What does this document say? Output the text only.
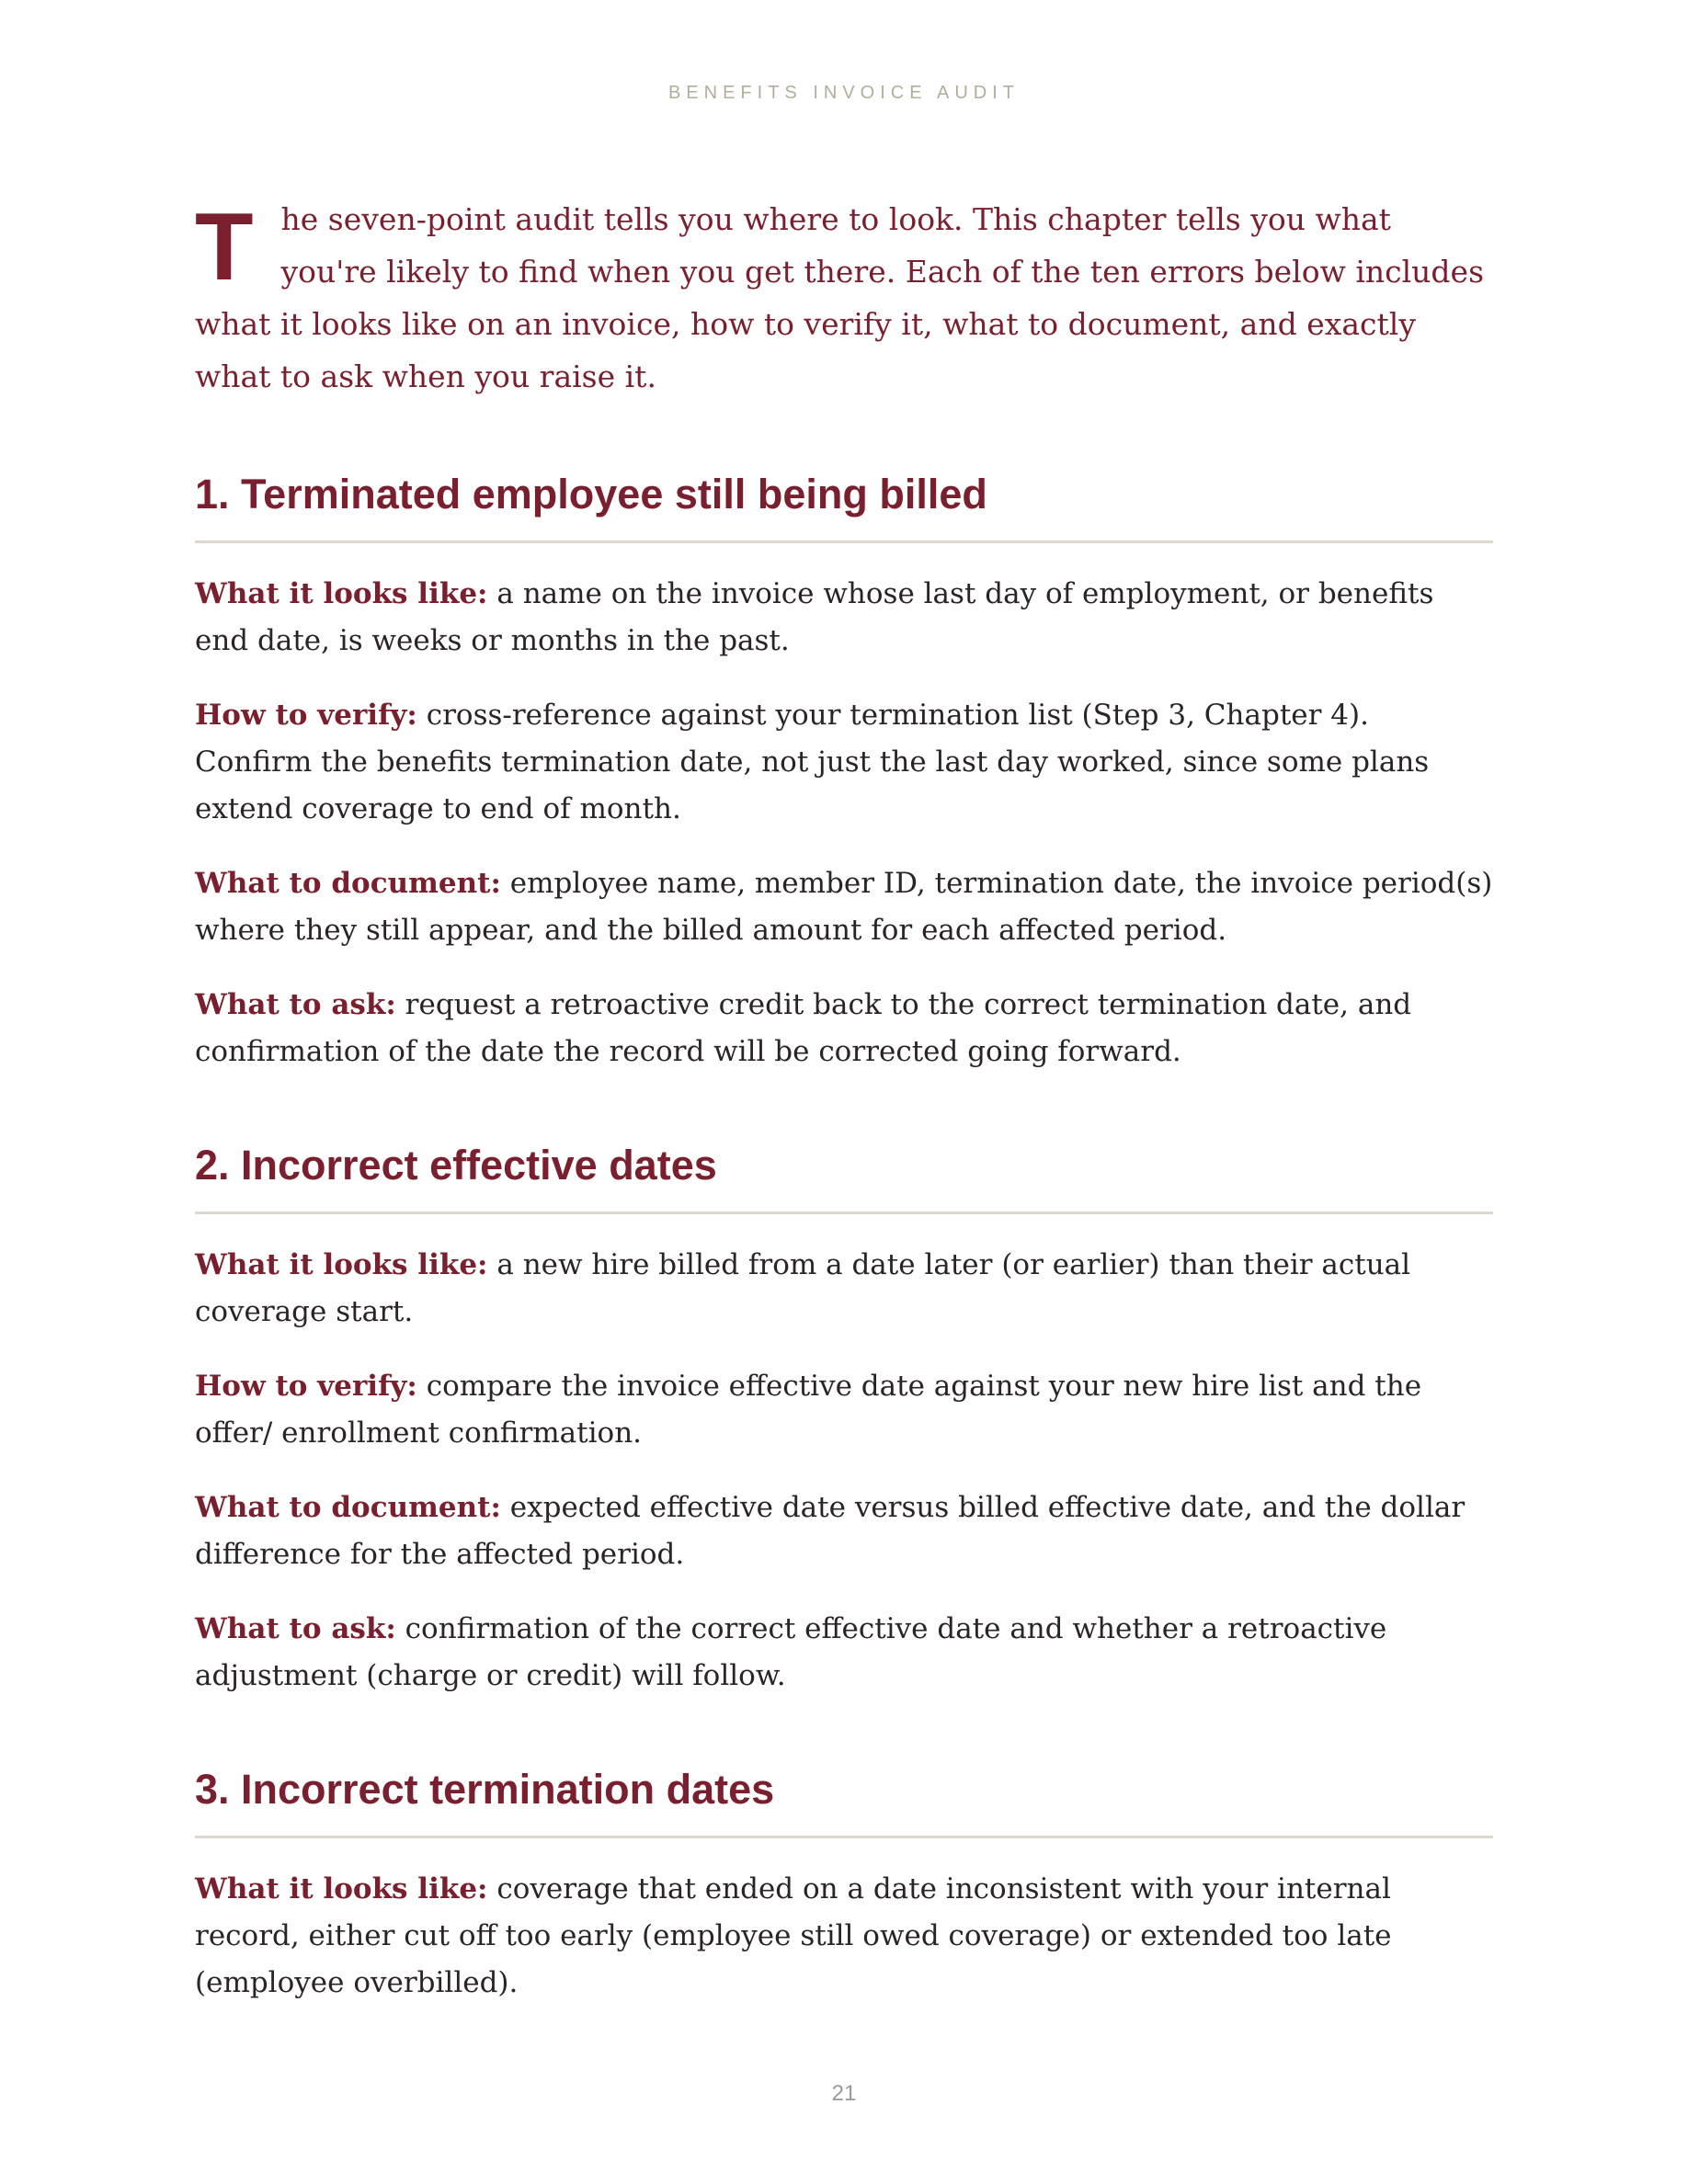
BENEFITS INVOICE AUDIT

The seven-point audit tells you where to look. This chapter tells you what you're likely to find when you get there. Each of the ten errors below includes what it looks like on an invoice, how to verify it, what to document, and exactly what to ask when you raise it.

1. Terminated employee still being billed

What it looks like: a name on the invoice whose last day of employment, or benefits end date, is weeks or months in the past.

How to verify: cross-reference against your termination list (Step 3, Chapter 4). Confirm the benefits termination date, not just the last day worked, since some plans extend coverage to end of month.

What to document: employee name, member ID, termination date, the invoice period(s) where they still appear, and the billed amount for each affected period.

What to ask: request a retroactive credit back to the correct termination date, and confirmation of the date the record will be corrected going forward.

2. Incorrect effective dates

What it looks like: a new hire billed from a date later (or earlier) than their actual coverage start.

How to verify: compare the invoice effective date against your new hire list and the offer/ enrollment confirmation.

What to document: expected effective date versus billed effective date, and the dollar difference for the affected period.

What to ask: confirmation of the correct effective date and whether a retroactive adjustment (charge or credit) will follow.

3. Incorrect termination dates

What it looks like: coverage that ended on a date inconsistent with your internal record, either cut off too early (employee still owed coverage) or extended too late (employee overbilled).

21
